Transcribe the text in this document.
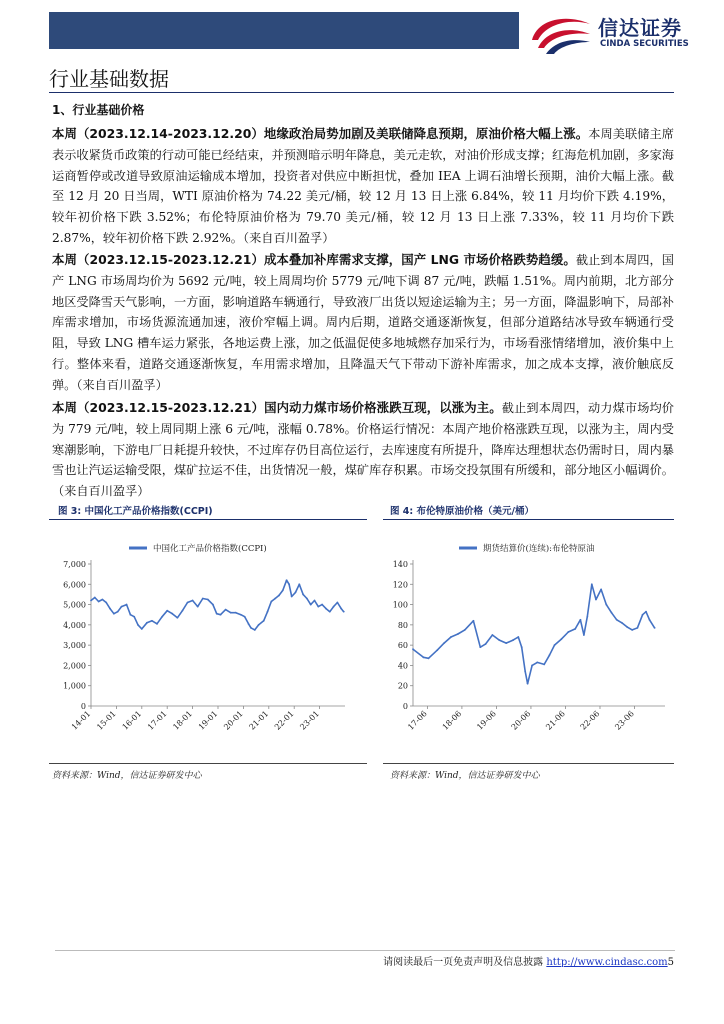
信达证券
CINDA SECURITIES
行业基础数据
1、行业基础价格
本周（2023.12.14-2023.12.20）地缘政治局势加剧及美联储降息预期，原油价格大幅上涨。本周美联储主席表示收紧货币政策的行动可能已经结束，并预测暗示明年降息，美元走软，对油价形成支撑；红海危机加剧，多家海运商暂停或改道导致原油运输成本增加，投资者对供应中断担忧，叠加 IEA 上调石油增长预期，油价大幅上涨。截至 12 月 20 日当周，WTI 原油价格为 74.22 美元/桶，较 12 月 13 日上涨 6.84%，较 11 月均价下跌 4.19%，较年初价格下跌 3.52%；布伦特原油价格为 79.70 美元/桶，较 12 月 13 日上涨 7.33%，较 11 月均价下跌 2.87%，较年初价格下跌 2.92%。（来自百川盈孚）
本周（2023.12.15-2023.12.21）成本叠加补库需求支撑，国产 LNG 市场价格跌势趋缓。截止到本周四，国产 LNG 市场周均价为 5692 元/吨，较上周周均价 5779 元/吨下调 87 元/吨，跌幅 1.51%。周内前期，北方部分地区受降雪天气影响，一方面，影响道路车辆通行，导致液厂出货以短途运输为主；另一方面，降温影响下，局部补库需求增加，市场货源流通加速，液价窄幅上调。周内后期，道路交通逐渐恢复，但部分道路结冰导致车辆通行受阻，导致 LNG 槽车运力紧张，各地运费上涨，加之低温促使多地城燃存加采行为，市场看涨情绪增加，液价集中上行。整体来看，道路交通逐渐恢复，车用需求增加，且降温天气下带动下游补库需求，加之成本支撑，液价触底反弹。（来自百川盈孚）
本周（2023.12.15-2023.12.21）国内动力煤市场价格涨跌互现，以涨为主。截止到本周四，动力煤市场均价为 779 元/吨，较上周同期上涨 6 元/吨，涨幅 0.78%。价格运行情况：本周产地价格涨跌互现，以涨为主，周内受寒潮影响，下游电厂日耗提升较快，不过库存仍目高位运行，去库速度有所提升，降库达理想状态仍需时日，周内暴雪也让汽运运输受限，煤矿拉运不佳，出货情况一般，煤矿库存积累。市场交投氛围有所缓和，部分地区小幅调价。（来自百川盈孚）
图 3: 中国化工产品价格指数(CCPI)
中国化工产品价格指数(CCPI)
0
1,000
2,000
3,000
4,000
5,000
6,000
7,000
14-01 15-01 16-01 17-01 18-01 19-01 20-01 21-01 22-01 23-01
资料来源：Wind，信达证券研发中心
图 4: 布伦特原油价格（美元/桶）
期货结算价(连续):布伦特原油
0
20
40
60
80
100
120
140
17-06 18-06 19-06 20-06 21-06 22-06 23-06
资料来源：Wind，信达证券研发中心
请阅读最后一页免责声明及信息披露 http://www.cindasc.com5
